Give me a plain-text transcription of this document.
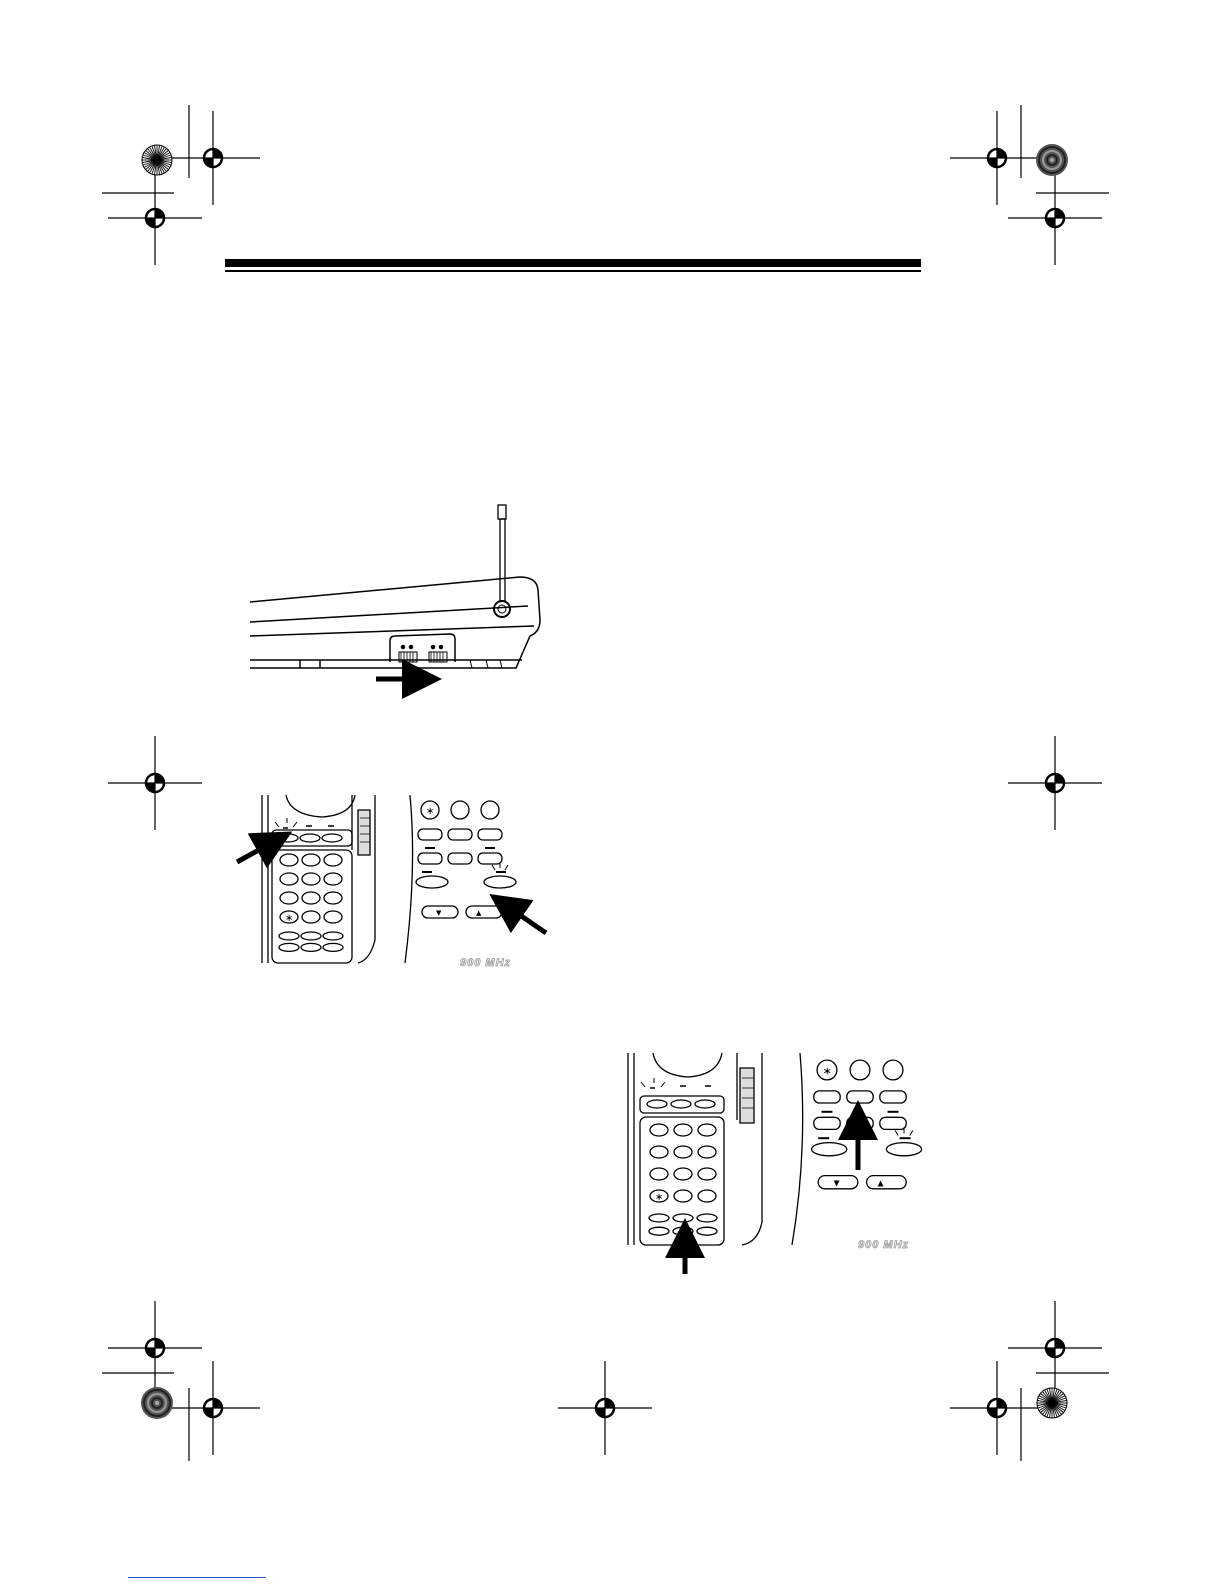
∗
∗
▼	▲
900 MHz
∗
∗
▼	▲
900 MHz
